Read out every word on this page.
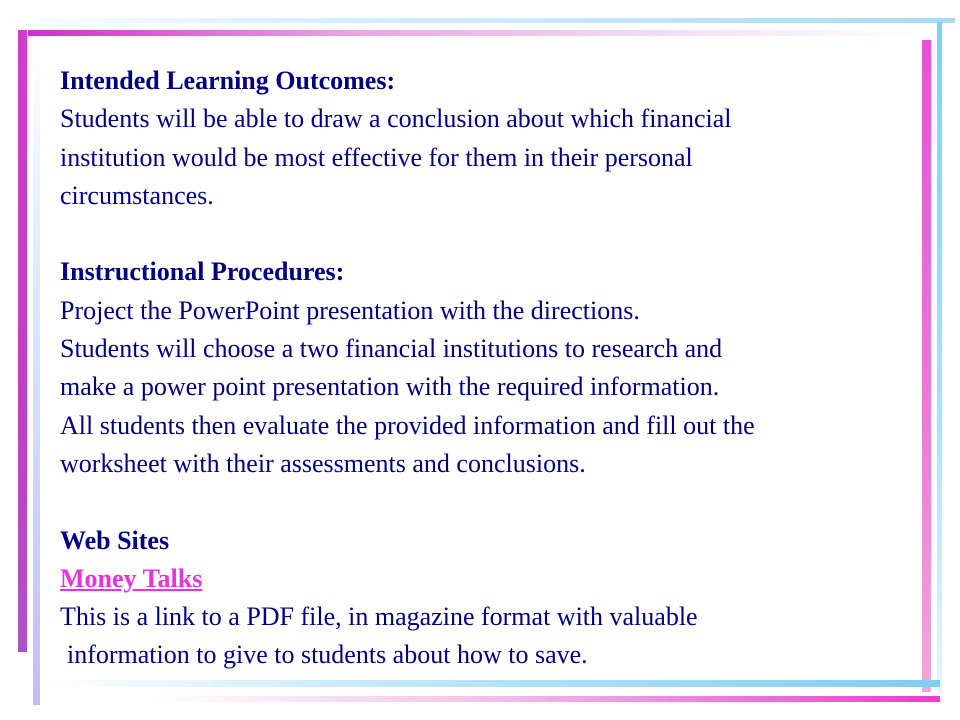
Intended Learning Outcomes:
Students will be able to draw a conclusion about which financial
institution would be most effective for them in their personal
circumstances.
Instructional Procedures:
Project the PowerPoint presentation with the directions.
Students will choose a two financial institutions to research and
make a power point presentation with the required information.
All students then evaluate the provided information and fill out the
worksheet with their assessments and conclusions.
Web Sites
Money Talks
This is a link to a PDF file, in magazine format with valuable
information to give to students about how to save.
